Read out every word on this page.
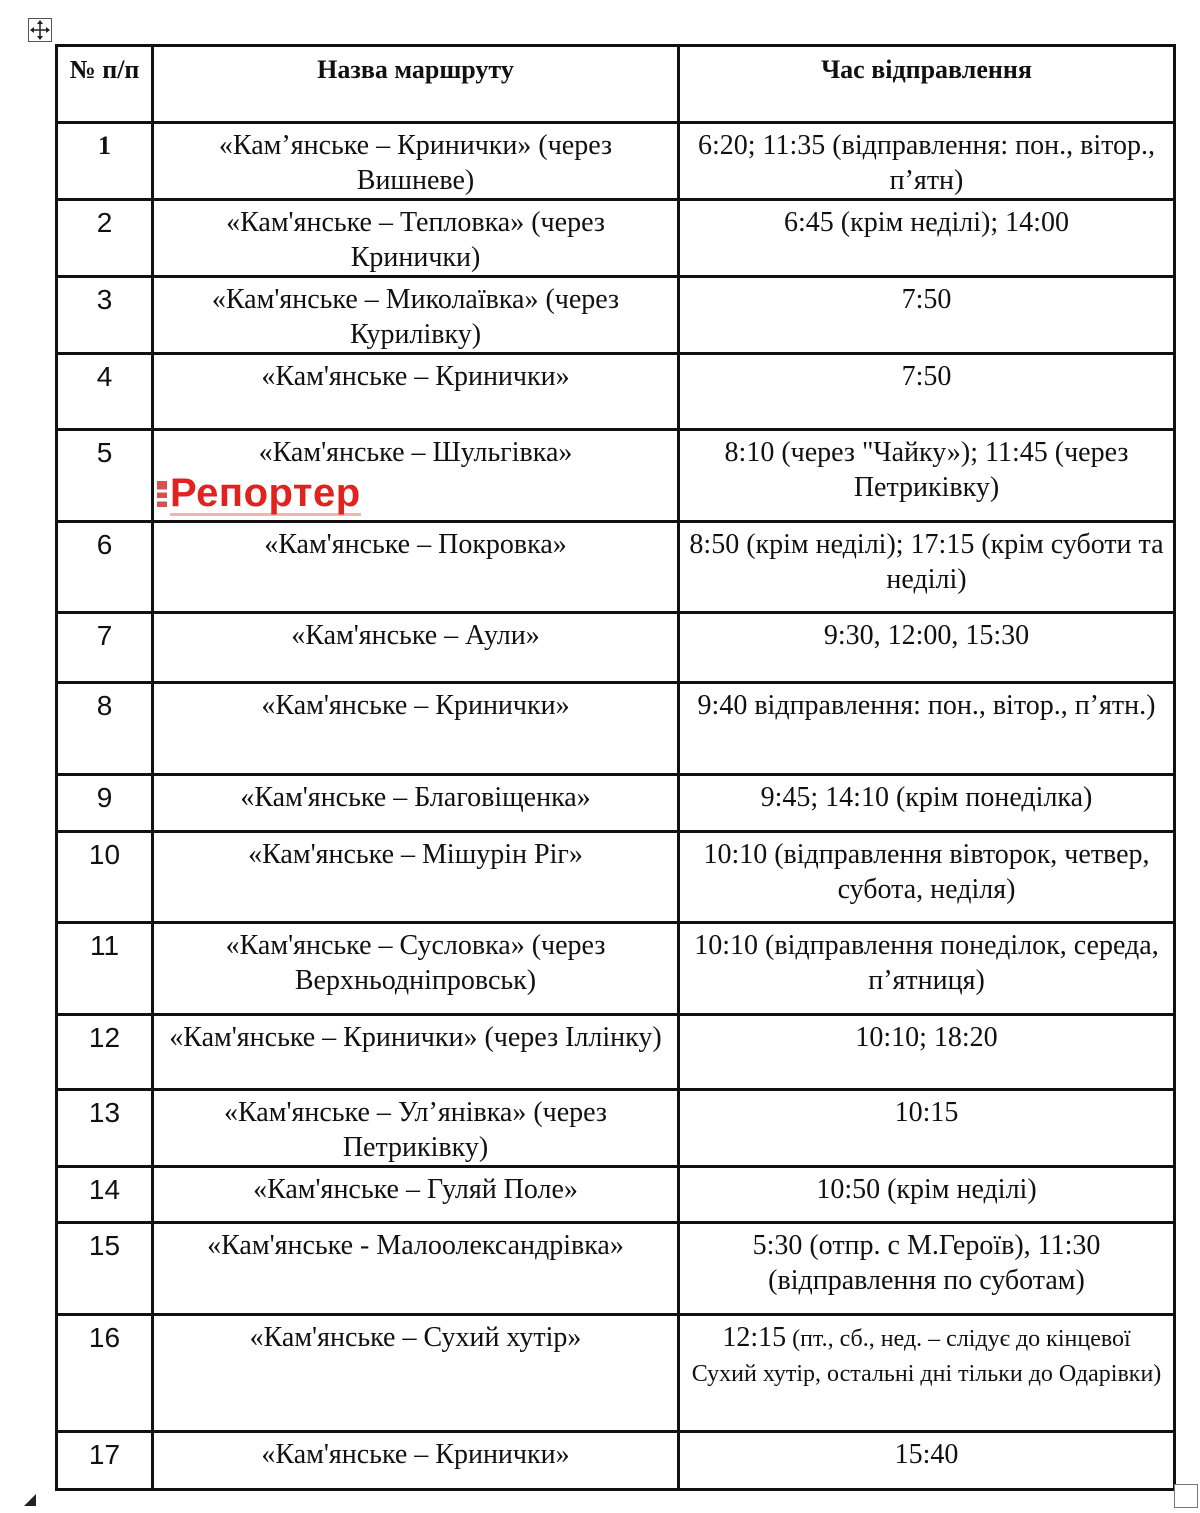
№ п/п	Назва маршруту	Час відправлення
1	«Кам’янське – Кринички» (через Вишневе)	6:20; 11:35 (відправлення: пон., вітор., п’ятн)
2	«Кам'янське – Тепловка» (через Кринички)	6:45 (крім неділі); 14:00
3	«Кам'янське – Миколаївка» (через Курилівку)	7:50
4	«Кам'янське – Кринички»	7:50
5	«Кам'янське – Шульгівка»	8:10 (через "Чайку»); 11:45 (через Петриківку)
6	«Кам'янське – Покровка»	8:50 (крім неділі); 17:15 (крім суботи та неділі)
7	«Кам'янське – Аули»	9:30, 12:00, 15:30
8	«Кам'янське – Кринички»	9:40 відправлення: пон., вітор., п’ятн.)
9	«Кам'янське – Благовіщенка»	9:45; 14:10 (крім понеділка)
10	«Кам'янське – Мішурін Ріг»	10:10 (відправлення вівторок, четвер, субота, неділя)
11	«Кам'янське – Сусловка» (через Верхньодніпровськ)	10:10 (відправлення понеділок, середа, п’ятниця)
12	«Кам'янське – Кринички» (через Іллінку)	10:10; 18:20
13	«Кам'янське – Ул’янівка» (через Петриківку)	10:15
14	«Кам'янське – Гуляй Поле»	10:50 (крім неділі)
15	«Кам'янське - Малоолександрівка»	5:30 (отпр. с М.Героїв), 11:30 (відправлення по суботам)
16	«Кам'янське – Сухий хутір»	12:15 (пт., сб., нед. – слідує до кінцевої Сухий хутір, остальні дні тільки до Одарівки)
17	«Кам'янське – Кринички»	15:40
Репортер
